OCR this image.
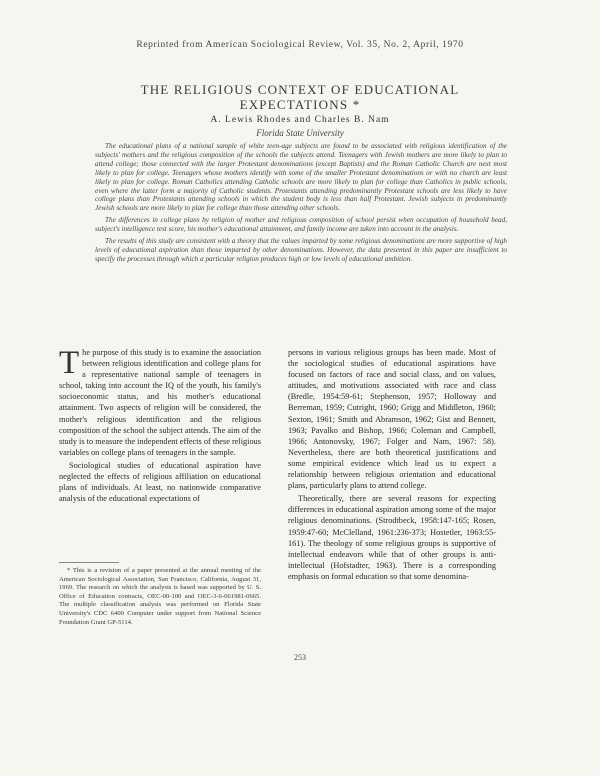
Reprinted from American Sociological Review, Vol. 35, No. 2, April, 1970
THE RELIGIOUS CONTEXT OF EDUCATIONAL EXPECTATIONS *
A. Lewis Rhodes and Charles B. Nam
Florida State University

The educational plans of a national sample of white teen-age subjects are found to be associated with religious identification of the subjects' mothers and the religious composition of the schools the subjects attend. Teenagers with Jewish mothers are more likely to plan to attend college; those connected with the larger Protestant denominations (except Baptists) and the Roman Catholic Church are next most likely to plan for college. Teenagers whose mothers identify with some of the smaller Protestant denominations or with no church are least likely to plan for college. Roman Catholics attending Catholic schools are more likely to plan for college than Catholics in public schools, even where the latter form a majority of Catholic students. Protestants attending predominantly Protestant schools are less likely to have college plans than Protestants attending schools in which the student body is less than half Protestant. Jewish subjects in predominantly Jewish schools are more likely to plan for college than those attending other schools.

The differences in college plans by religion of mother and religious composition of school persist when occupation of household head, subject's intelligence test score, his mother's educational attainment, and family income are taken into account in the analysis.

The results of this study are consistent with a theory that the values imparted by some religious denominations are more supportive of high levels of educational aspiration than those imparted by other denominations. However, the data presented in this paper are insufficient to specify the processes through which a particular religion produces high or low levels of educational ambition.

The purpose of this study is to examine the association between religious identification and college plans for a representative national sample of teenagers in school, taking into account the IQ of the youth, his family's socioeconomic status, and his mother's educational attainment. Two aspects of religion will be considered, the mother's religious identification and the religious composition of the school the subject attends. The aim of the study is to measure the independent effects of these religious variables on college plans of teenagers in the sample.

Sociological studies of educational aspiration have neglected the effects of religious affiliation on educational plans of individuals. At least, no nationwide comparative analysis of the educational expectations of

* This is a revision of a paper presented at the annual meeting of the American Sociological Association, San Francisco, California, August 31, 1969. The research on which the analysis is based was supported by U. S. Office of Education contracts, OEC-00-100 and OEC-3-6-061981-0665. The multiple classification analysis was performed on Florida State University's CDC 6400 Computer under support from National Science Foundation Grant GP-5114.

persons in various religious groups has been made. Most of the sociological studies of educational aspirations have focused on factors of race and social class, and on values, attitudes, and motivations associated with race and class (Bredle, 1954:59-61; Stephenson, 1957; Holloway and Berreman, 1959; Cutright, 1960; Grigg and Middleton, 1960; Sexton, 1961; Smith and Abramson, 1962; Gist and Bennett, 1963; Pavalko and Bishop, 1966; Coleman and Campbell, 1966; Antonovsky, 1967; Folger and Nam, 1967: 58). Nevertheless, there are both theoretical justifications and some empirical evidence which lead us to expect a relationship between religious orientation and educational plans, particularly plans to attend college.

Theoretically, there are several reasons for expecting differences in educational aspiration among some of the major religious denominations. (Strodtbeck, 1958:147-165; Rosen, 1959:47-60; McClelland, 1961:236-373; Hostetler, 1963:55-161). The theology of some religious groups is supportive of intellectual endeavors while that of other groups is anti-intellectual (Hofstadter, 1963). There is a corresponding emphasis on formal education so that some denomina-

253
